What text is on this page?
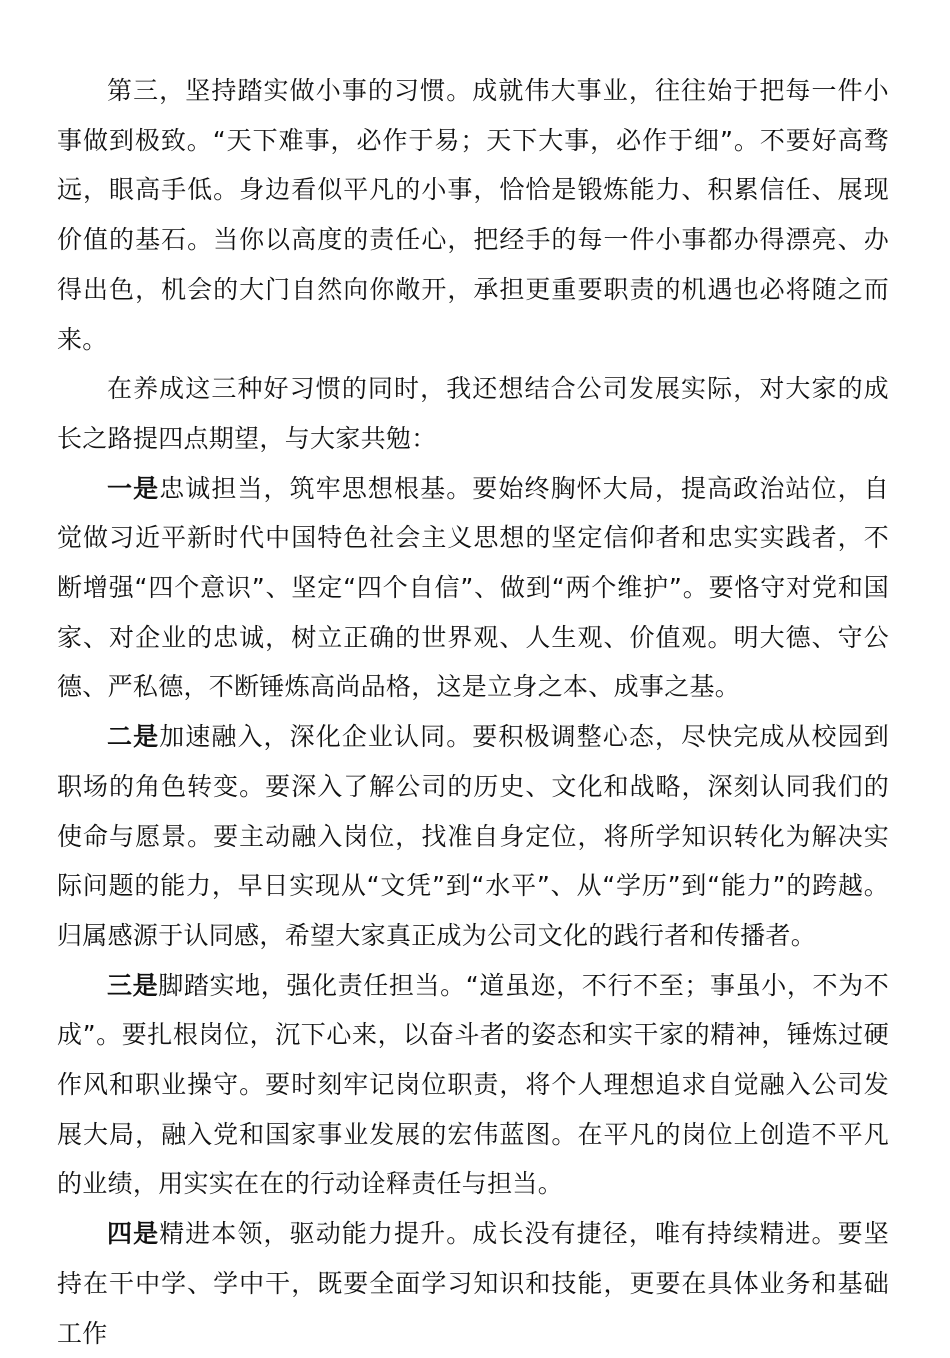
第三，坚持踏实做小事的习惯。成就伟大事业，往往始于把每一件小事做到极致。“天下难事，必作于易；天下大事，必作于细”。不要好高骛远，眼高手低。身边看似平凡的小事，恰恰是锻炼能力、积累信任、展现价值的基石。当你以高度的责任心，把经手的每一件小事都办得漂亮、办得出色，机会的大门自然向你敞开，承担更重要职责的机遇也必将随之而来。

在养成这三种好习惯的同时，我还想结合公司发展实际，对大家的成长之路提四点期望，与大家共勉：

一是忠诚担当，筑牢思想根基。要始终胸怀大局，提高政治站位，自觉做习近平新时代中国特色社会主义思想的坚定信仰者和忠实实践者，不断增强“四个意识”、坚定“四个自信”、做到“两个维护”。要恪守对党和国家、对企业的忠诚，树立正确的世界观、人生观、价值观。明大德、守公德、严私德，不断锤炼高尚品格，这是立身之本、成事之基。

二是加速融入，深化企业认同。要积极调整心态，尽快完成从校园到职场的角色转变。要深入了解公司的历史、文化和战略，深刻认同我们的使命与愿景。要主动融入岗位，找准自身定位，将所学知识转化为解决实际问题的能力，早日实现从“文凭”到“水平”、从“学历”到“能力”的跨越。归属感源于认同感，希望大家真正成为公司文化的践行者和传播者。

三是脚踏实地，强化责任担当。“道虽迩，不行不至；事虽小，不为不成”。要扎根岗位，沉下心来，以奋斗者的姿态和实干家的精神，锤炼过硬作风和职业操守。要时刻牢记岗位职责，将个人理想追求自觉融入公司发展大局，融入党和国家事业发展的宏伟蓝图。在平凡的岗位上创造不平凡的业绩，用实实在在的行动诠释责任与担当。

四是精进本领，驱动能力提升。成长没有捷径，唯有持续精进。要坚持在干中学、学中干，既要全面学习知识和技能，更要在具体业务和基础工作
